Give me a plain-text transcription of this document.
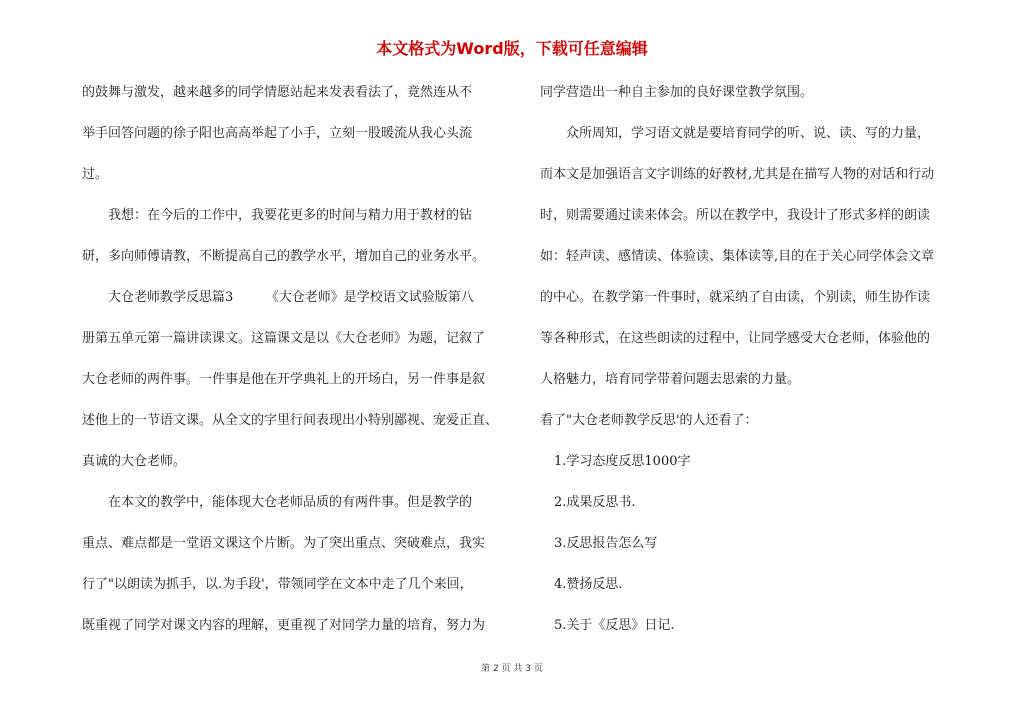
本文格式为Word版，下载可任意编辑
的鼓舞与激发，越来越多的同学情愿站起来发表看法了，竟然连从不
举手回答问题的徐子阳也高高举起了小手，立刻一股暖流从我心头流
过。
　　我想：在今后的工作中，我要花更多的时间与精力用于教材的钻
研，多向师傅请教，不断提高自己的教学水平，增加自己的业务水平。
　　大仓老师教学反思篇3　　　《大仓老师》是学校语文试验版第八
册第五单元第一篇讲读课文。这篇课文是以《大仓老师》为题，记叙了
大仓老师的两件事。一件事是他在开学典礼上的开场白，另一件事是叙
述他上的一节语文课。从全文的字里行间表现出小特别鄙视、宠爱正直、
真诚的大仓老师。
　　在本文的教学中，能体现大仓老师品质的有两件事。但是教学的
重点、难点都是一堂语文课这个片断。为了突出重点、突破难点，我实
行了"以朗读为抓手，以.为手段'，带领同学在文本中走了几个来回，
既重视了同学对课文内容的理解，更重视了对同学力量的培育，努力为
同学营造出一种自主参加的良好课堂教学氛围。
　　众所周知，学习语文就是要培育同学的听、说、读、写的力量，
而本文是加强语言文字训练的好教材,尤其是在描写人物的对话和行动
时，则需要通过读来体会。所以在教学中，我设计了形式多样的朗读
如：轻声读、感情读、体验读、集体读等,目的在于关心同学体会文章
的中心。在教学第一件事时，就采纳了自由读，个别读，师生协作读
等各种形式，在这些朗读的过程中，让同学感受大仓老师，体验他的
人格魅力，培育同学带着问题去思索的力量。
看了"大仓老师教学反思'的人还看了：
1.学习态度反思1000字
2.成果反思书.
3.反思报告怎么写
4.赞扬反思.
5.关于《反思》日记.
第 2 页 共 3 页
